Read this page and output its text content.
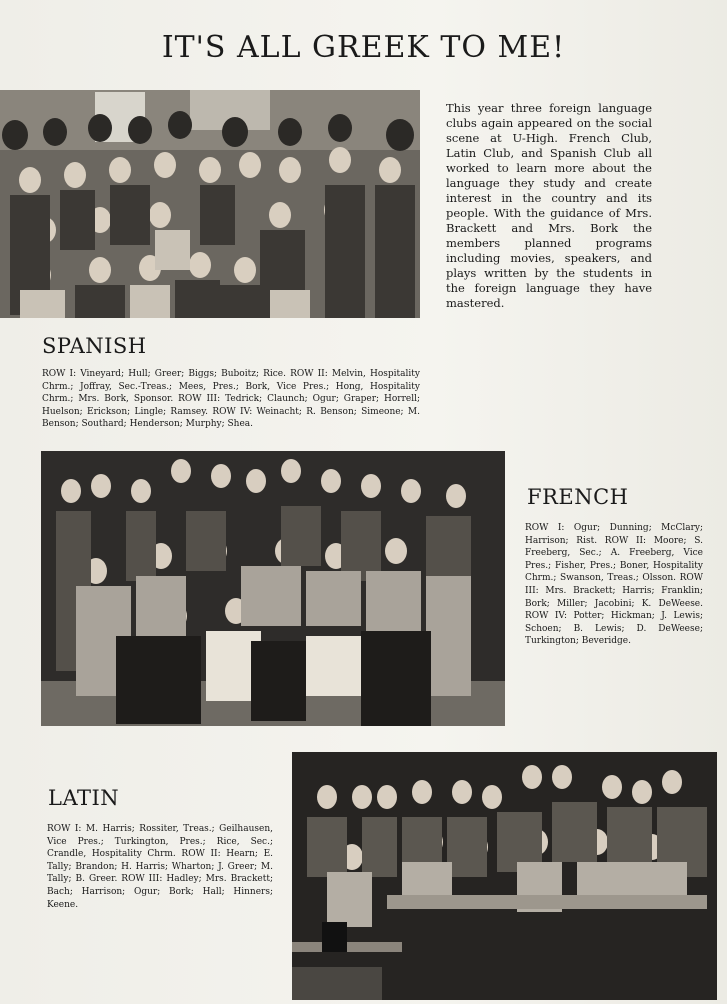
IT'S ALL GREEK TO ME!
This year three foreign language clubs again appeared on the social scene at U-High. French Club, Latin Club, and Spanish Club all worked to learn more about the language they study and create interest in the country and its people. With the guidance of Mrs. Brackett and Mrs. Bork the members planned programs including movies, speakers, and plays written by the students in the foreign language they have mastered.
SPANISH
ROW I: Vineyard; Hull; Greer; Biggs; Buboitz; Rice. ROW II: Melvin, Hospitality Chrm.; Joffray, Sec.-Treas.; Mees, Pres.; Bork, Vice Pres.; Hong, Hospitality Chrm.; Mrs. Bork, Sponsor. ROW III: Tedrick; Claunch; Ogur; Graper; Horrell; Huelson; Erickson; Lingle; Ramsey. ROW IV: Weinacht; R. Benson; Simeone; M. Benson; Southard; Henderson; Murphy; Shea.
FRENCH
ROW I: Ogur; Dunning; McClary; Harrison; Rist. ROW II: Moore; S. Freeberg, Sec.; A. Freeberg, Vice Pres.; Fisher, Pres.; Boner, Hospitality Chrm.; Swanson, Treas.; Olsson. ROW III: Mrs. Brackett; Harris; Franklin; Bork; Miller; Jacobini; K. DeWeese. ROW IV: Potter; Hickman; J. Lewis; Schoen; B. Lewis; D. DeWeese; Turkington; Beveridge.
LATIN
ROW I: M. Harris; Rossiter, Treas.; Geilhausen, Vice Pres.; Turkington, Pres.; Rice, Sec.; Crandle, Hospitality Chrm. ROW II: Hearn; E. Tally; Brandon; H. Harris; Wharton; J. Greer; M. Tally; B. Greer. ROW III: Hadley; Mrs. Brackett; Bach; Harrison; Ogur; Bork; Hall; Hinners; Keene.
